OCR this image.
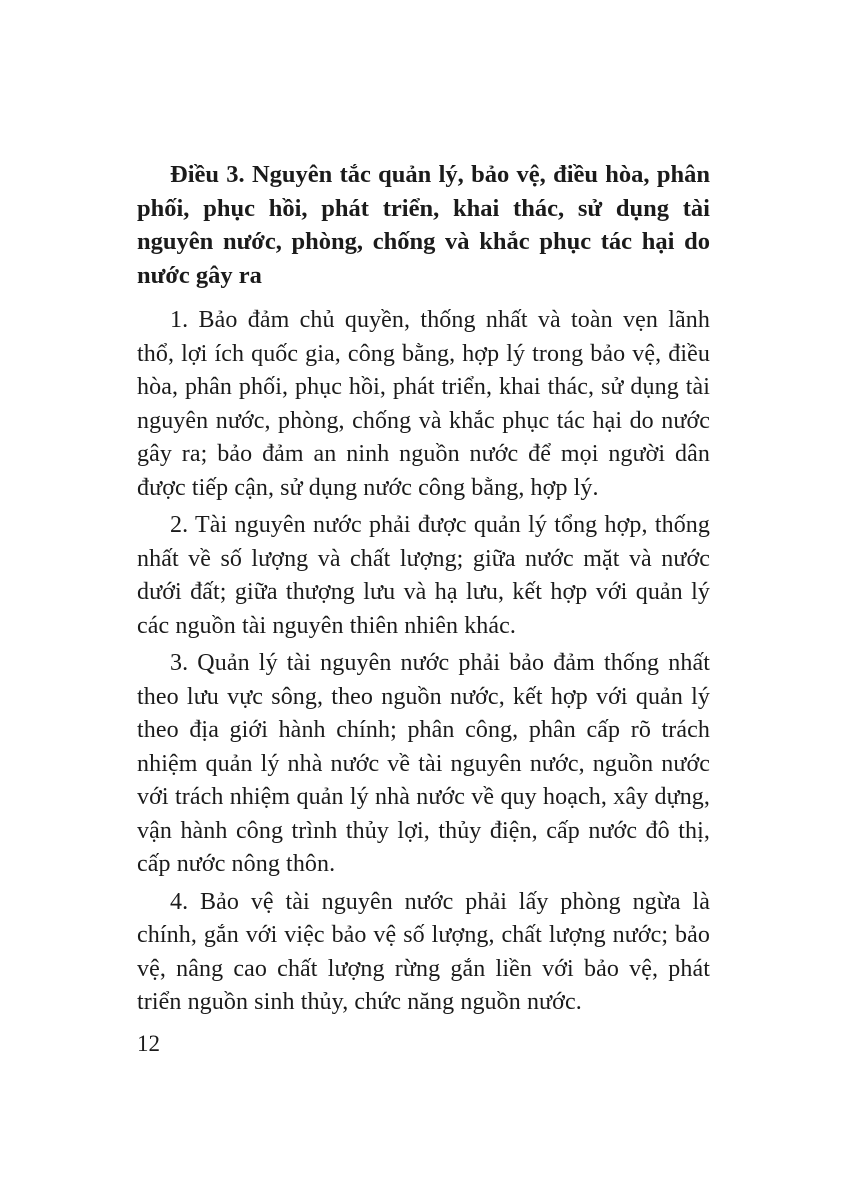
Điều 3. Nguyên tắc quản lý, bảo vệ, điều hòa, phân phối, phục hồi, phát triển, khai thác, sử dụng tài nguyên nước, phòng, chống và khắc phục tác hại do nước gây ra

1. Bảo đảm chủ quyền, thống nhất và toàn vẹn lãnh thổ, lợi ích quốc gia, công bằng, hợp lý trong bảo vệ, điều hòa, phân phối, phục hồi, phát triển, khai thác, sử dụng tài nguyên nước, phòng, chống và khắc phục tác hại do nước gây ra; bảo đảm an ninh nguồn nước để mọi người dân được tiếp cận, sử dụng nước công bằng, hợp lý.

2. Tài nguyên nước phải được quản lý tổng hợp, thống nhất về số lượng và chất lượng; giữa nước mặt và nước dưới đất; giữa thượng lưu và hạ lưu, kết hợp với quản lý các nguồn tài nguyên thiên nhiên khác.

3. Quản lý tài nguyên nước phải bảo đảm thống nhất theo lưu vực sông, theo nguồn nước, kết hợp với quản lý theo địa giới hành chính; phân công, phân cấp rõ trách nhiệm quản lý nhà nước về tài nguyên nước, nguồn nước với trách nhiệm quản lý nhà nước về quy hoạch, xây dựng, vận hành công trình thủy lợi, thủy điện, cấp nước đô thị, cấp nước nông thôn.

4. Bảo vệ tài nguyên nước phải lấy phòng ngừa là chính, gắn với việc bảo vệ số lượng, chất lượng nước; bảo vệ, nâng cao chất lượng rừng gắn liền với bảo vệ, phát triển nguồn sinh thủy, chức năng nguồn nước.

12
